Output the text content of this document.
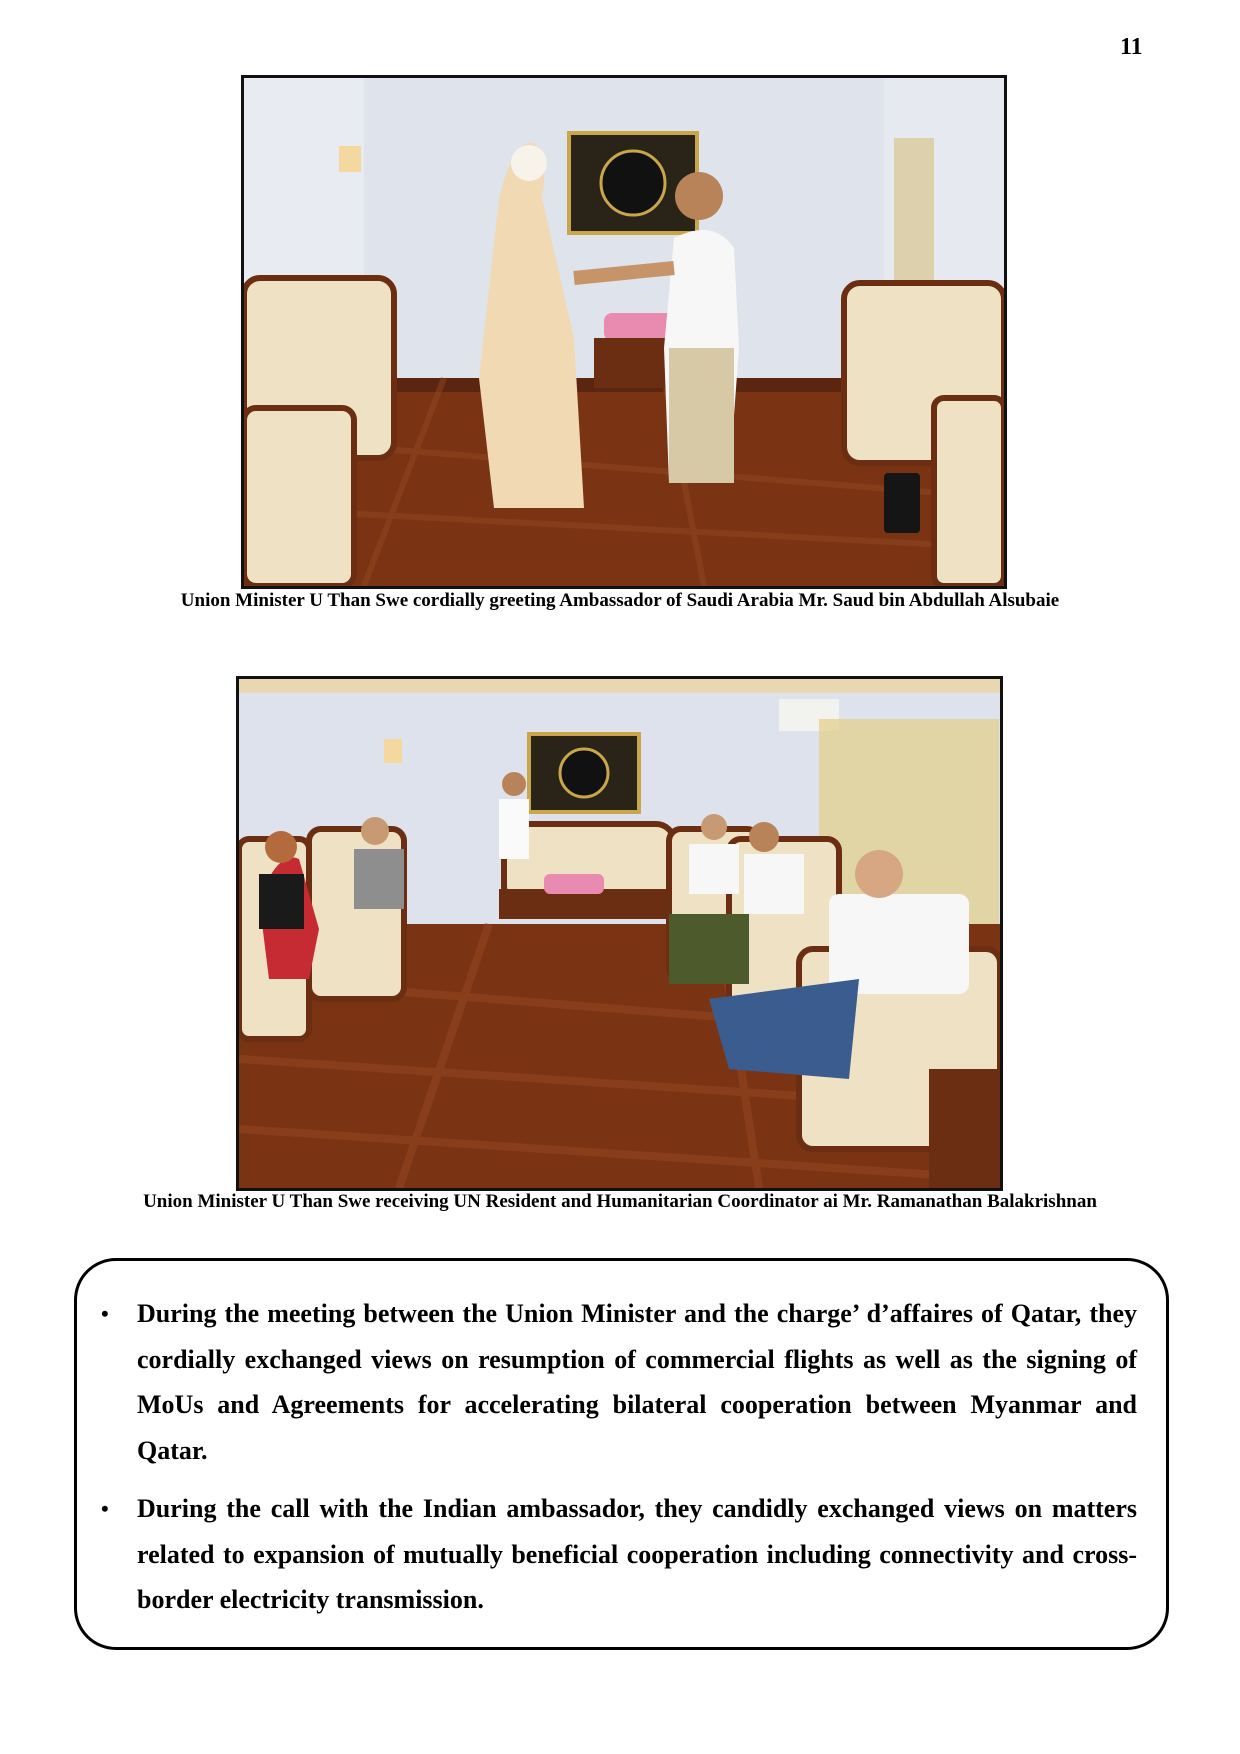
11
Union Minister U Than Swe cordially greeting Ambassador of Saudi Arabia Mr. Saud bin Abdullah Alsubaie
Union Minister U Than Swe receiving UN Resident and Humanitarian Coordinator ai Mr. Ramanathan Balakrishnan
• During the meeting between the Union Minister and the charge’ d’affaires of Qatar, they cordially exchanged views on resumption of commercial flights as well as the signing of MoUs and Agreements for accelerating bilateral cooperation between Myanmar and Qatar.
• During the call with the Indian ambassador, they candidly exchanged views on matters related to expansion of mutually beneficial cooperation including connectivity and cross-border electricity transmission.
